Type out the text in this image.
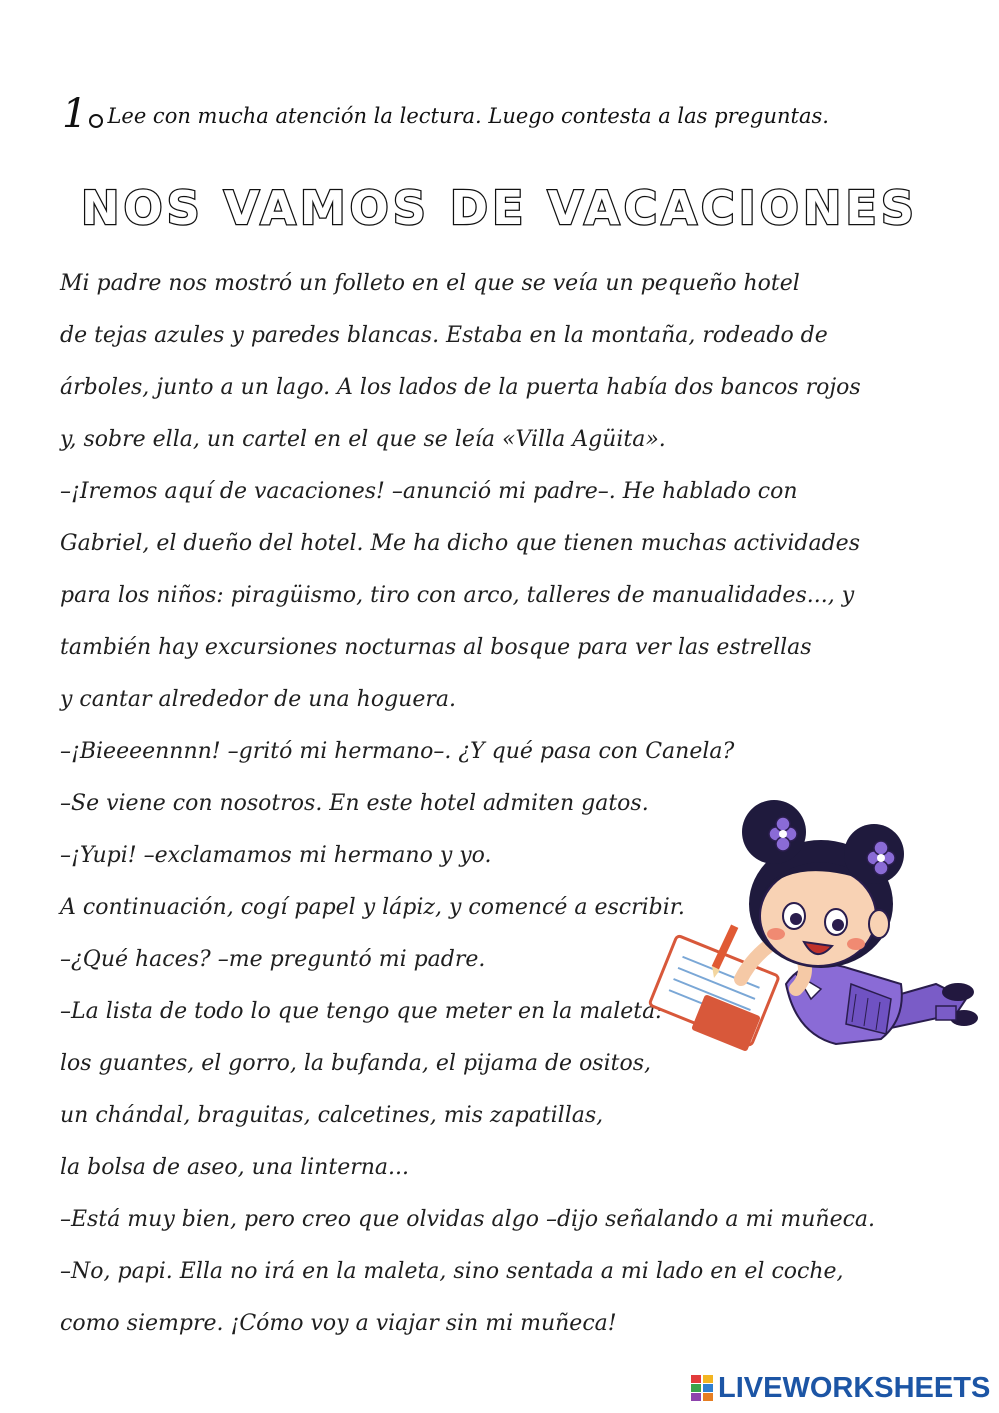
1 Lee con mucha atención la lectura. Luego contesta a las preguntas.
NOS VAMOS DE VACACIONES
Mi padre nos mostró un folleto en el que se veía un pequeño hotel
de tejas azules y paredes blancas. Estaba en la montaña, rodeado de
árboles, junto a un lago. A los lados de la puerta había dos bancos rojos
y, sobre ella, un cartel en el que se leía «Villa Agüita».
–¡Iremos aquí de vacaciones! –anunció mi padre–. He hablado con
Gabriel, el dueño del hotel. Me ha dicho que tienen muchas actividades
para los niños: piragüismo, tiro con arco, talleres de manualidades..., y
también hay excursiones nocturnas al bosque para ver las estrellas
y cantar alrededor de una hoguera.
–¡Bieeeennnn! –gritó mi hermano–. ¿Y qué pasa con Canela?
–Se viene con nosotros. En este hotel admiten gatos.
–¡Yupi! –exclamamos mi hermano y yo.
A continuación, cogí papel y lápiz, y comencé a escribir.
–¿Qué haces? –me preguntó mi padre.
–La lista de todo lo que tengo que meter en la maleta:
los guantes, el gorro, la bufanda, el pijama de ositos,
un chándal, braguitas, calcetines, mis zapatillas,
la bolsa de aseo, una linterna...
–Está muy bien, pero creo que olvidas algo –dijo señalando a mi muñeca.
–No, papi. Ella no irá en la maleta, sino sentada a mi lado en el coche,
como siempre. ¡Cómo voy a viajar sin mi muñeca!
LIVEWORKSHEETS
